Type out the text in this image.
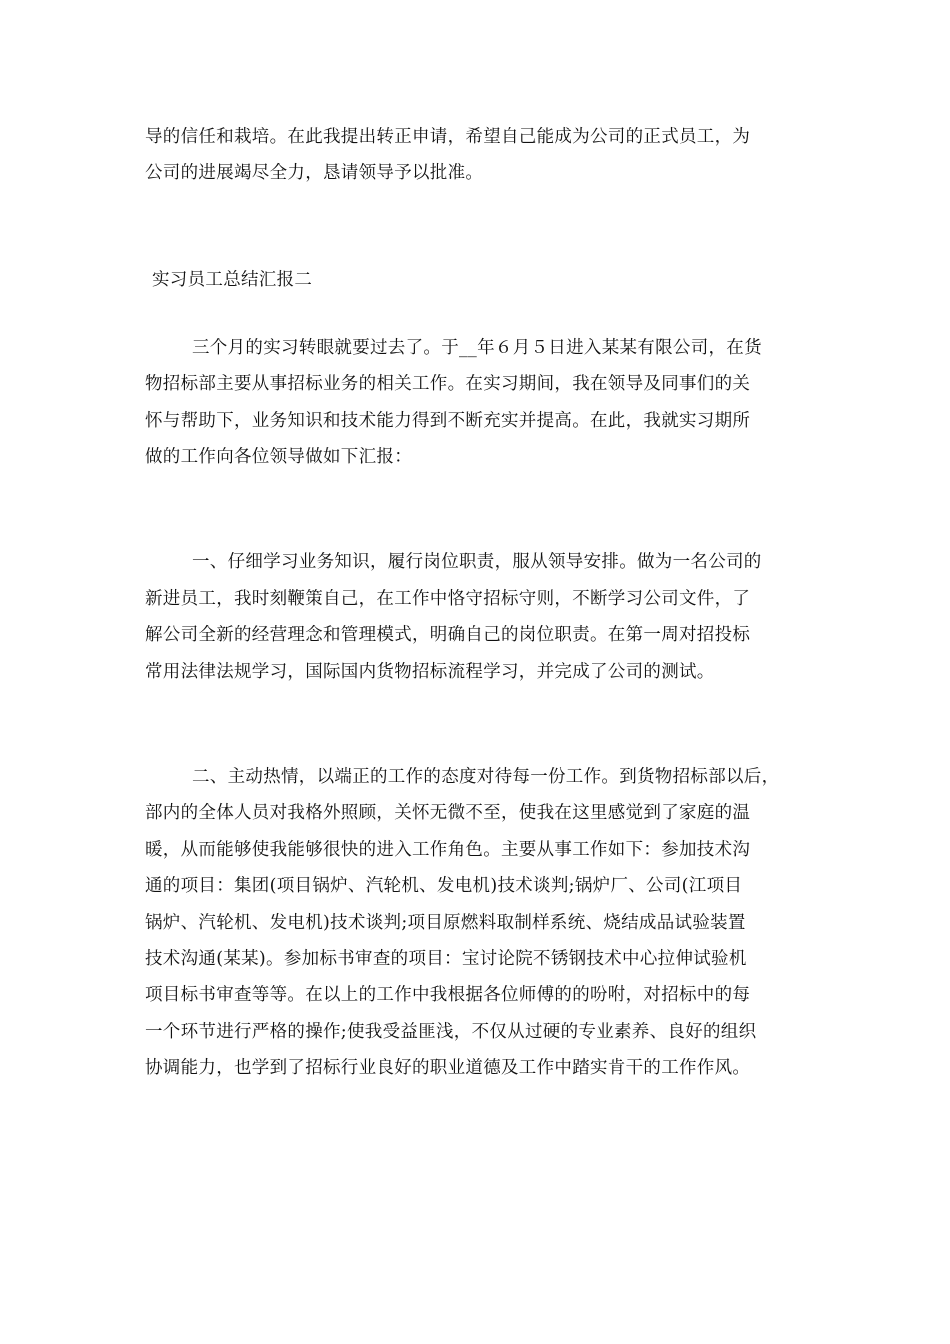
导的信任和栽培。在此我提出转正申请，希望自己能成为公司的正式员工，为
公司的进展竭尽全力，恳请领导予以批准。
实习员工总结汇报二
三个月的实习转眼就要过去了。于__年６月５日进入某某有限公司，在货
物招标部主要从事招标业务的相关工作。在实习期间，我在领导及同事们的关
怀与帮助下，业务知识和技术能力得到不断充实并提高。在此，我就实习期所
做的工作向各位领导做如下汇报：
一、仔细学习业务知识，履行岗位职责，服从领导安排。做为一名公司的
新进员工，我时刻鞭策自己，在工作中恪守招标守则，不断学习公司文件，了
解公司全新的经营理念和管理模式，明确自己的岗位职责。在第一周对招投标
常用法律法规学习，国际国内货物招标流程学习，并完成了公司的测试。
二、主动热情，以端正的工作的态度对待每一份工作。到货物招标部以后，
部内的全体人员对我格外照顾，关怀无微不至，使我在这里感觉到了家庭的温
暖，从而能够使我能够很快的进入工作角色。主要从事工作如下：参加技术沟
通的项目：集团(项目锅炉、汽轮机、发电机)技术谈判;锅炉厂、公司(江项目
锅炉、汽轮机、发电机)技术谈判;项目原燃料取制样系统、烧结成品试验装置
技术沟通(某某)。参加标书审查的项目：宝讨论院不锈钢技术中心拉伸试验机
项目标书审查等等。在以上的工作中我根据各位师傅的的吩咐，对招标中的每
一个环节进行严格的操作;使我受益匪浅，不仅从过硬的专业素养、良好的组织
协调能力，也学到了招标行业良好的职业道德及工作中踏实肯干的工作作风。
